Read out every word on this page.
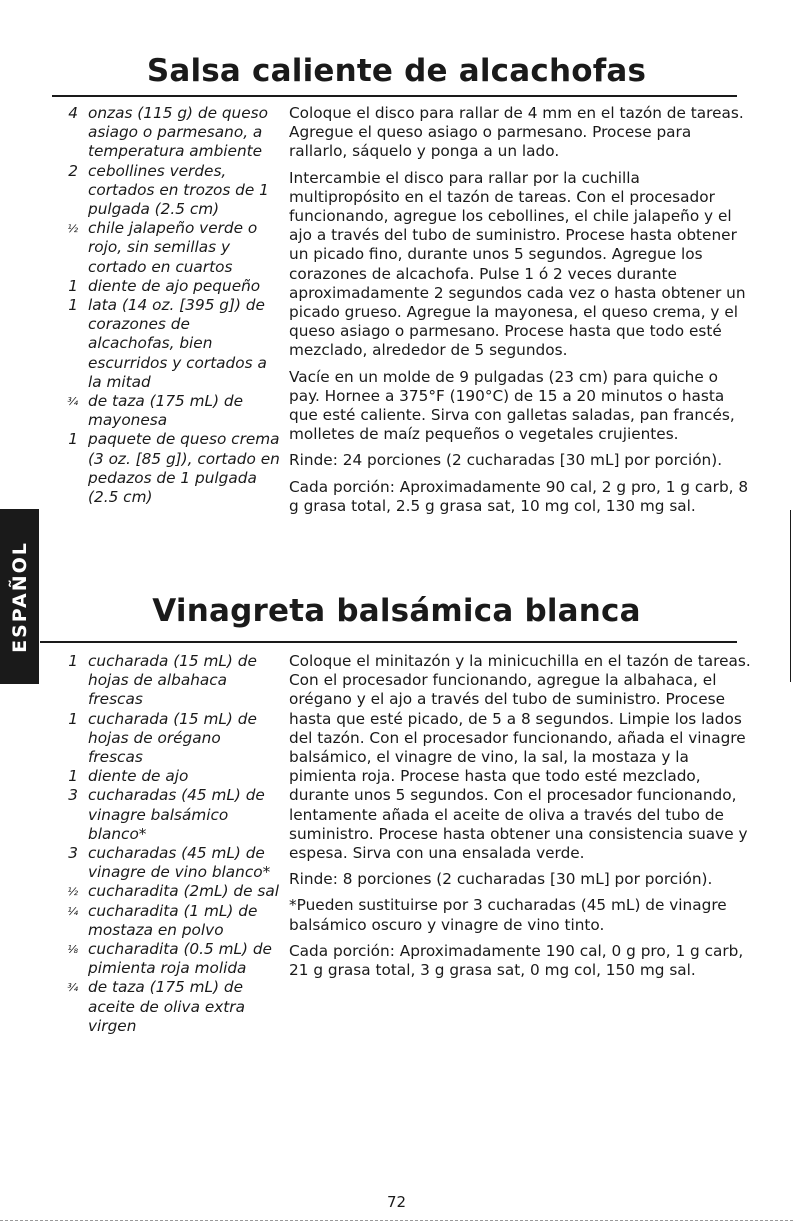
Salsa caliente de alcachofas
4 onzas (115 g) de queso asiago o parmesano, a temperatura ambiente
2 cebollines verdes, cortados en trozos de 1 pulgada (2.5 cm)
½ chile jalapeño verde o rojo, sin semillas y cortado en cuartos
1 diente de ajo pequeño
1 lata (14 oz. [395 g]) de corazones de alcachofas, bien escurridos y cortados a la mitad
¾ de taza (175 mL) de mayonesa
1 paquete de queso crema (3 oz. [85 g]), cortado en pedazos de 1 pulgada (2.5 cm)

Coloque el disco para rallar de 4 mm en el tazón de tareas. Agregue el queso asiago o parmesano. Procese para rallarlo, sáquelo y ponga a un lado.

Intercambie el disco para rallar por la cuchilla multipropósito en el tazón de tareas. Con el procesador funcionando, agregue los cebollines, el chile jalapeño y el ajo a través del tubo de suministro. Procese hasta obtener un picado fino, durante unos 5 segundos. Agregue los corazones de alcachofa. Pulse 1 ó 2 veces durante aproximadamente 2 segundos cada vez o hasta obtener un picado grueso. Agregue la mayonesa, el queso crema, y el queso asiago o parmesano. Procese hasta que todo esté mezclado, alrededor de 5 segundos.

Vacíe en un molde de 9 pulgadas (23 cm) para quiche o pay. Hornee a 375°F (190°C) de 15 a 20 minutos o hasta que esté caliente. Sirva con galletas saladas, pan francés, molletes de maíz pequeños o vegetales crujientes.

Rinde: 24 porciones (2 cucharadas [30 mL] por porción).

Cada porción: Aproximadamente 90 cal, 2 g pro, 1 g carb, 8 g grasa total, 2.5 g grasa sat, 10 mg col, 130 mg sal.

Vinagreta balsámica blanca
1 cucharada (15 mL) de hojas de albahaca frescas
1 cucharada (15 mL) de hojas de orégano frescas
1 diente de ajo
3 cucharadas (45 mL) de vinagre balsámico blanco*
3 cucharadas (45 mL) de vinagre de vino blanco*
½ cucharadita (2mL) de sal
¼ cucharadita (1 mL) de mostaza en polvo
⅛ cucharadita (0.5 mL) de pimienta roja molida
¾ de taza (175 mL) de aceite de oliva extra virgen

Coloque el minitazón y la minicuchilla en el tazón de tareas. Con el procesador funcionando, agregue la albahaca, el orégano y el ajo a través del tubo de suministro. Procese hasta que esté picado, de 5 a 8 segundos. Limpie los lados del tazón. Con el procesador funcionando, añada el vinagre balsámico, el vinagre de vino, la sal, la mostaza y la pimienta roja. Procese hasta que todo esté mezclado, durante unos 5 segundos. Con el procesador funcionando, lentamente añada el aceite de oliva a través del tubo de suministro. Procese hasta obtener una consistencia suave y espesa. Sirva con una ensalada verde.

Rinde: 8 porciones (2 cucharadas [30 mL] por porción).

*Pueden sustituirse por 3 cucharadas (45 mL) de vinagre balsámico oscuro y vinagre de vino tinto.

Cada porción: Aproximadamente 190 cal, 0 g pro, 1 g carb, 21 g grasa total, 3 g grasa sat, 0 mg col, 150 mg sal.

ESPAÑOL
72
